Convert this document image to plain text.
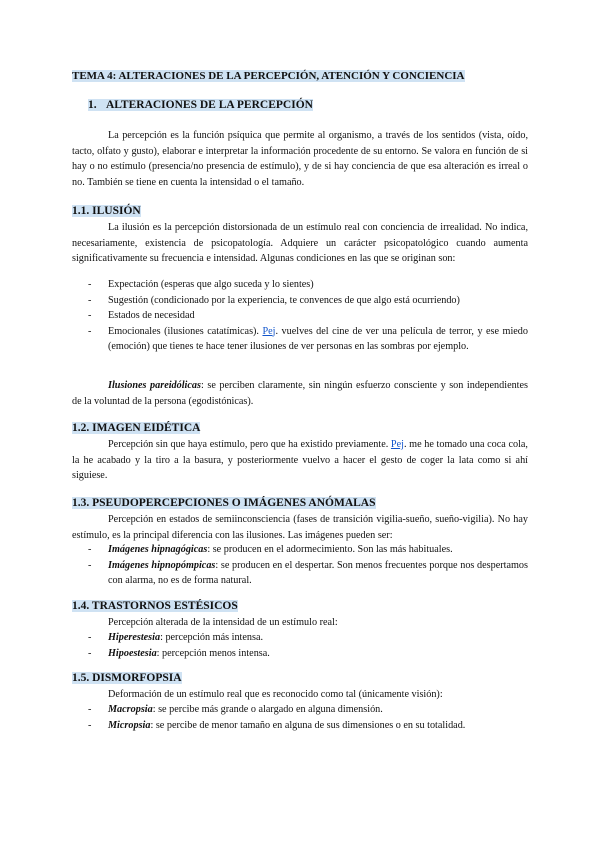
TEMA 4: ALTERACIONES DE LA PERCEPCIÓN, ATENCIÓN Y CONCIENCIA
1. ALTERACIONES DE LA PERCEPCIÓN

La percepción es la función psíquica que permite al organismo, a través de los sentidos (vista, oído, tacto, olfato y gusto), elaborar e interpretar la información procedente de su entorno. Se valora en función de si hay o no estímulo (presencia/no presencia de estímulo), y de si hay conciencia de que esa alteración es irreal o no. También se tiene en cuenta la intensidad o el tamaño.

1.1. ILUSIÓN

La ilusión es la percepción distorsionada de un estímulo real con conciencia de irrealidad. No indica, necesariamente, existencia de psicopatología. Adquiere un carácter psicopatológico cuando aumenta significativamente su frecuencia e intensidad. Algunas condiciones en las que se originan son:

- Expectación (esperas que algo suceda y lo sientes)
- Sugestión (condicionado por la experiencia, te convences de que algo está ocurriendo)
- Estados de necesidad
- Emocionales (ilusiones catatímicas). Pej. vuelves del cine de ver una película de terror, y ese miedo (emoción) que tienes te hace tener ilusiones de ver personas en las sombras por ejemplo.

Ilusiones pareidólicas: se perciben claramente, sin ningún esfuerzo consciente y son independientes de la voluntad de la persona (egodistónicas).

1.2. IMAGEN EIDÉTICA

Percepción sin que haya estímulo, pero que ha existido previamente. Pej. me he tomado una coca cola, la he acabado y la tiro a la basura, y posteriormente vuelvo a hacer el gesto de coger la lata como si ahí siguiese.

1.3. PSEUDOPERCEPCIONES O IMÁGENES ANÓMALAS

Percepción en estados de semiinconsciencia (fases de transición vigilia-sueño, sueño-vigilia). No hay estímulo, es la principal diferencia con las ilusiones. Las imágenes pueden ser:

- Imágenes hipnagógicas: se producen en el adormecimiento. Son las más habituales.
- Imágenes hipnopómpicas: se producen en el despertar. Son menos frecuentes porque nos despertamos con alarma, no es de forma natural.
1.4. TRASTORNOS ESTÉSICOS

Percepción alterada de la intensidad de un estímulo real:

- Hiperestesia: percepción más intensa.
- Hipoestesia: percepción menos intensa.
1.5. DISMORFOPSIA

Deformación de un estímulo real que es reconocido como tal (únicamente visión):

- Macropsia: se percibe más grande o alargado en alguna dimensión.
- Micropsia: se percibe de menor tamaño en alguna de sus dimensiones o en su totalidad.
